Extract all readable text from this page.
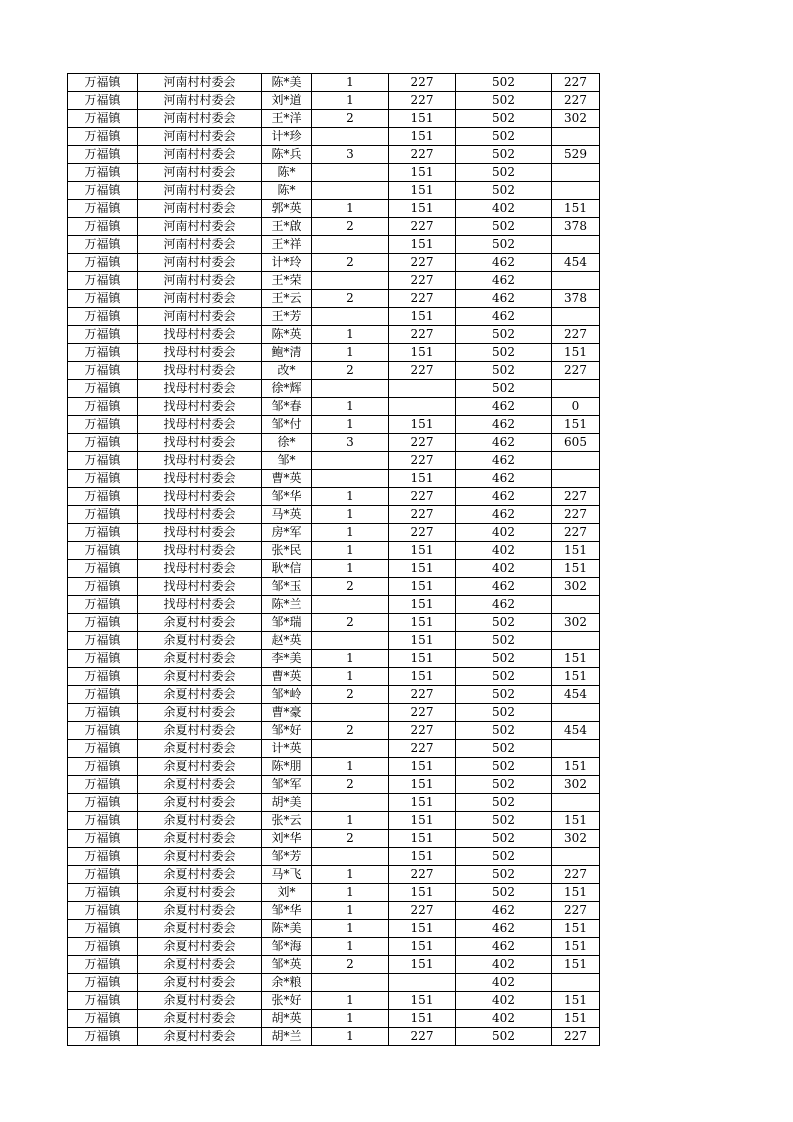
万福镇	河南村村委会	陈*美	1	227	502	227
万福镇	河南村村委会	刘*道	1	227	502	227
万福镇	河南村村委会	王*洋	2	151	502	302
万福镇	河南村村委会	计*珍		151	502	
万福镇	河南村村委会	陈*兵	3	227	502	529
万福镇	河南村村委会	陈*		151	502	
万福镇	河南村村委会	陈*		151	502	
万福镇	河南村村委会	郭*英	1	151	402	151
万福镇	河南村村委会	王*啟	2	227	502	378
万福镇	河南村村委会	王*祥		151	502	
万福镇	河南村村委会	计*玲	2	227	462	454
万福镇	河南村村委会	王*荣		227	462	
万福镇	河南村村委会	王*云	2	227	462	378
万福镇	河南村村委会	王*芳		151	462	
万福镇	找母村村委会	陈*英	1	227	502	227
万福镇	找母村村委会	鲍*清	1	151	502	151
万福镇	找母村村委会	改*	2	227	502	227
万福镇	找母村村委会	徐*辉			502	
万福镇	找母村村委会	邹*春	1		462	0
万福镇	找母村村委会	邹*付	1	151	462	151
万福镇	找母村村委会	徐*	3	227	462	605
万福镇	找母村村委会	邹*		227	462	
万福镇	找母村村委会	曹*英		151	462	
万福镇	找母村村委会	邹*华	1	227	462	227
万福镇	找母村村委会	马*英	1	227	462	227
万福镇	找母村村委会	房*军	1	227	402	227
万福镇	找母村村委会	张*民	1	151	402	151
万福镇	找母村村委会	耿*信	1	151	402	151
万福镇	找母村村委会	邹*玉	2	151	462	302
万福镇	找母村村委会	陈*兰		151	462	
万福镇	余夏村村委会	邹*瑞	2	151	502	302
万福镇	余夏村村委会	赵*英		151	502	
万福镇	余夏村村委会	李*美	1	151	502	151
万福镇	余夏村村委会	曹*英	1	151	502	151
万福镇	余夏村村委会	邹*岭	2	227	502	454
万福镇	余夏村村委会	曹*豪		227	502	
万福镇	余夏村村委会	邹*好	2	227	502	454
万福镇	余夏村村委会	计*英		227	502	
万福镇	余夏村村委会	陈*朋	1	151	502	151
万福镇	余夏村村委会	邹*军	2	151	502	302
万福镇	余夏村村委会	胡*美		151	502	
万福镇	余夏村村委会	张*云	1	151	502	151
万福镇	余夏村村委会	刘*华	2	151	502	302
万福镇	余夏村村委会	邹*芳		151	502	
万福镇	余夏村村委会	马*飞	1	227	502	227
万福镇	余夏村村委会	刘*	1	151	502	151
万福镇	余夏村村委会	邹*华	1	227	462	227
万福镇	余夏村村委会	陈*美	1	151	462	151
万福镇	余夏村村委会	邹*海	1	151	462	151
万福镇	余夏村村委会	邹*英	2	151	402	151
万福镇	余夏村村委会	余*粮			402	
万福镇	余夏村村委会	张*好	1	151	402	151
万福镇	余夏村村委会	胡*英	1	151	402	151
万福镇	余夏村村委会	胡*兰	1	227	502	227
